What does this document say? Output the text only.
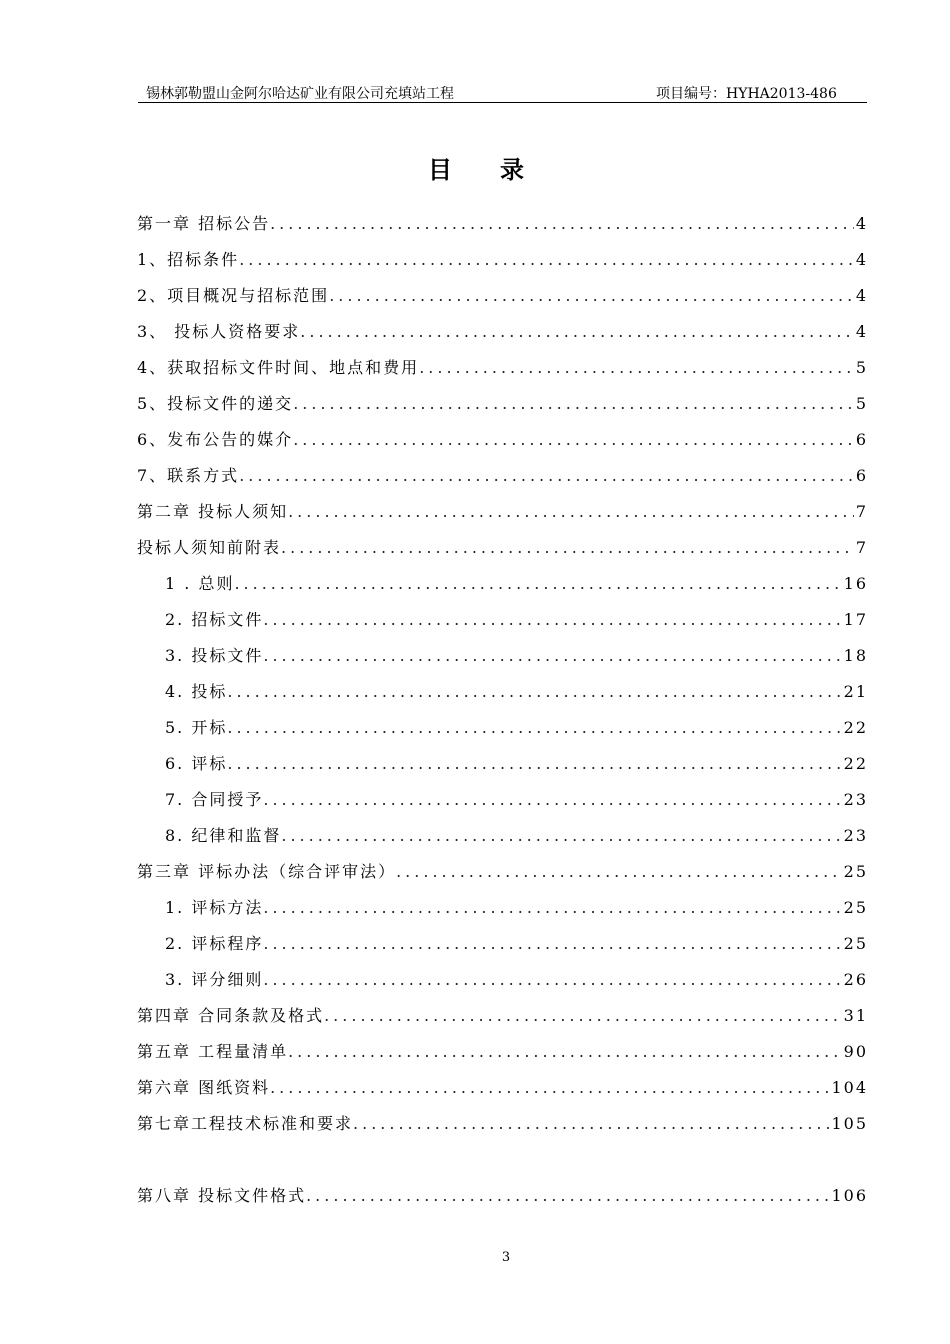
锡林郭勒盟山金阿尔哈达矿业有限公司充填站工程	项目编号：HYHA2013-486
目录
第一章 招标公告 .....	4
1、招标条件 .....	4
2、项目概况与招标范围 .....	4
3、 投标人资格要求 .....	4
4、获取招标文件时间、地点和费用 .....	5
5、投标文件的递交 .....	5
6、发布公告的媒介 .....	6
7、联系方式 .....	6
第二章 投标人须知 .....	7
投标人须知前附表 .....	7
1 . 总则 .....	16
2. 招标文件 .....	17
3. 投标文件 .....	18
4. 投标 .....	21
5. 开标 .....	22
6. 评标 .....	22
7. 合同授予 .....	23
8. 纪律和监督 .....	23
第三章 评标办法（综合评审法） .....	25
1. 评标方法 .....	25
2. 评标程序 .....	25
3. 评分细则 .....	26
第四章 合同条款及格式 .....	31
第五章 工程量清单 .....	90
第六章 图纸资料 .....	104
第七章工程技术标准和要求 .....	105
第八章 投标文件格式 .....	106
3
